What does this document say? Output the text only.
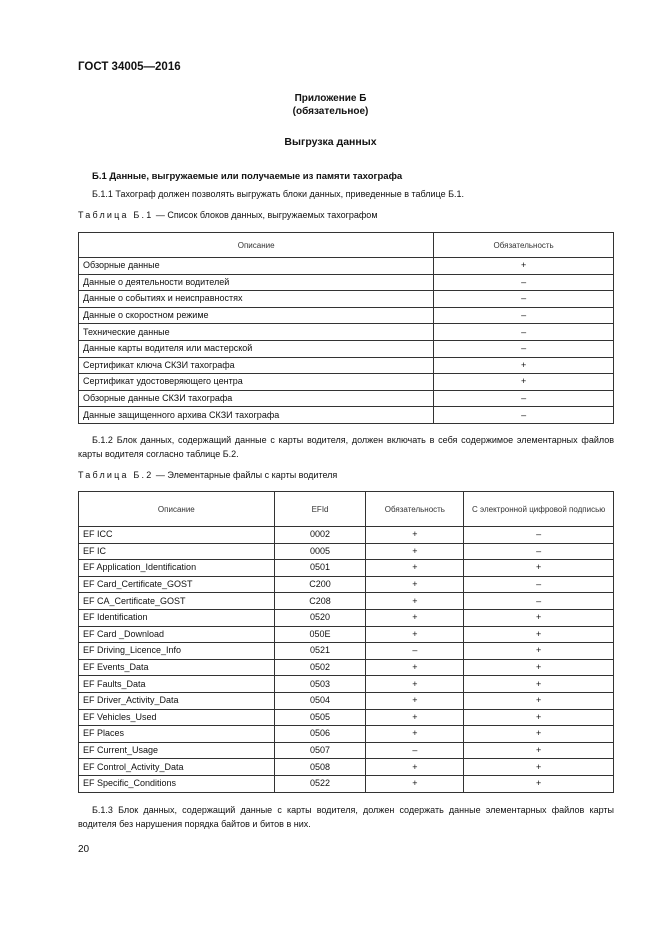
ГОСТ 34005—2016
Приложение Б
(обязательное)
Выгрузка данных
Б.1 Данные, выгружаемые или получаемые из памяти тахографа
Б.1.1 Тахограф должен позволять выгружать блоки данных, приведенные в таблице Б.1.
Таблица Б.1 — Список блоков данных, выгружаемых тахографом
Описание	Обязательность
Обзорные данные	+
Данные о деятельности водителей	–
Данные о событиях и неисправностях	–
Данные о скоростном режиме	–
Технические данные	–
Данные карты водителя или мастерской	–
Сертификат ключа СКЗИ тахографа	+
Сертификат удостоверяющего центра	+
Обзорные данные СКЗИ тахографа	–
Данные защищенного архива СКЗИ тахографа	–
Б.1.2 Блок данных, содержащий данные с карты водителя, должен включать в себя содержимое элементарных файлов карты водителя согласно таблице Б.2.
Таблица Б.2 — Элементарные файлы с карты водителя
Описание	EFId	Обязательность	С электронной цифровой подписью
EF ICC	0002	+	–
EF IC	0005	+	–
EF Application_Identification	0501	+	+
EF Card_Certificate_GOST	C200	+	–
EF CA_Certificate_GOST	C208	+	–
EF Identification	0520	+	+
EF Card _Download	050E	+	+
EF Driving_Licence_Info	0521	–	+
EF Events_Data	0502	+	+
EF Faults_Data	0503	+	+
EF Driver_Activity_Data	0504	+	+
EF Vehicles_Used	0505	+	+
EF Places	0506	+	+
EF Current_Usage	0507	–	+
EF Control_Activity_Data	0508	+	+
EF Specific_Conditions	0522	+	+
Б.1.3 Блок данных, содержащий данные с карты водителя, должен содержать данные элементарных файлов карты водителя без нарушения порядка байтов и битов в них.
20
